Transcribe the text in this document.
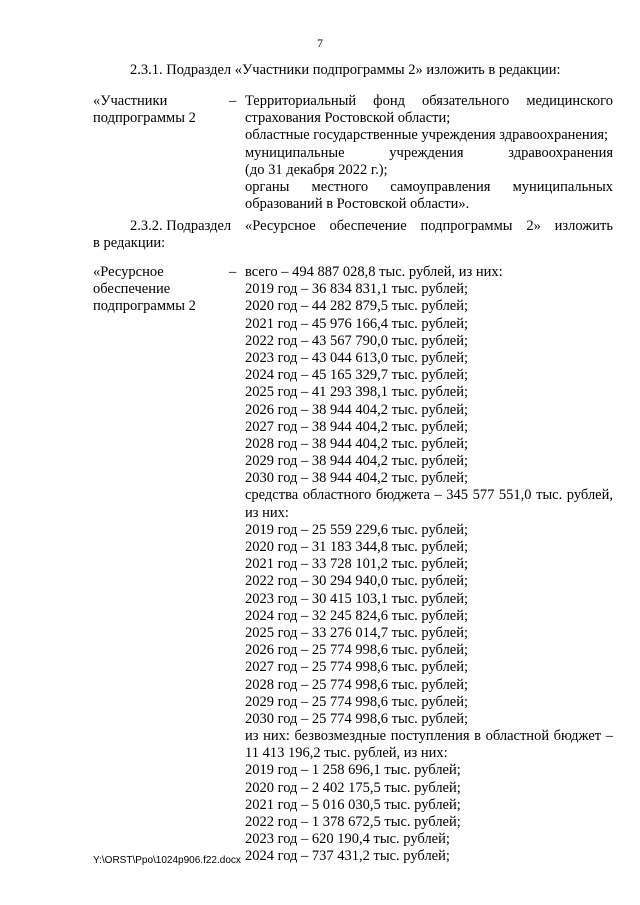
7
2.3.1. Подраздел «Участники подпрограммы 2» изложить в редакции:
«Участники
подпрограммы 2
– Территориальный фонд обязательного медицинского
страхования Ростовской области;
областные государственные учреждения здравоохранения;
муниципальные учреждения здравоохранения
(до 31 декабря 2022 г.);
органы местного самоуправления муниципальных
образований в Ростовской области».
2.3.2. Подраздел
в редакции:
«Ресурсное обеспечение подпрограммы 2» изложить
«Ресурсное
обеспечение
подпрограммы 2
– всего – 494 887 028,8 тыс. рублей, из них:
2019 год – 36 834 831,1 тыс. рублей;
2020 год – 44 282 879,5 тыс. рублей;
2021 год – 45 976 166,4 тыс. рублей;
2022 год – 43 567 790,0 тыс. рублей;
2023 год – 43 044 613,0 тыс. рублей;
2024 год – 45 165 329,7 тыс. рублей;
2025 год – 41 293 398,1 тыс. рублей;
2026 год – 38 944 404,2 тыс. рублей;
2027 год – 38 944 404,2 тыс. рублей;
2028 год – 38 944 404,2 тыс. рублей;
2029 год – 38 944 404,2 тыс. рублей;
2030 год – 38 944 404,2 тыс. рублей;
средства областного бюджета – 345 577 551,0 тыс. рублей,
из них:
2019 год – 25 559 229,6 тыс. рублей;
2020 год – 31 183 344,8 тыс. рублей;
2021 год – 33 728 101,2 тыс. рублей;
2022 год – 30 294 940,0 тыс. рублей;
2023 год – 30 415 103,1 тыс. рублей;
2024 год – 32 245 824,6 тыс. рублей;
2025 год – 33 276 014,7 тыс. рублей;
2026 год – 25 774 998,6 тыс. рублей;
2027 год – 25 774 998,6 тыс. рублей;
2028 год – 25 774 998,6 тыс. рублей;
2029 год – 25 774 998,6 тыс. рублей;
2030 год – 25 774 998,6 тыс. рублей;
из них: безвозмездные поступления в областной бюджет –
11 413 196,2 тыс. рублей, из них:
2019 год – 1 258 696,1 тыс. рублей;
2020 год – 2 402 175,5 тыс. рублей;
2021 год – 5 016 030,5 тыс. рублей;
2022 год – 1 378 672,5 тыс. рублей;
2023 год – 620 190,4 тыс. рублей;
2024 год – 737 431,2 тыс. рублей;
Y:\ORST\Ppo\1024p906.f22.docx
